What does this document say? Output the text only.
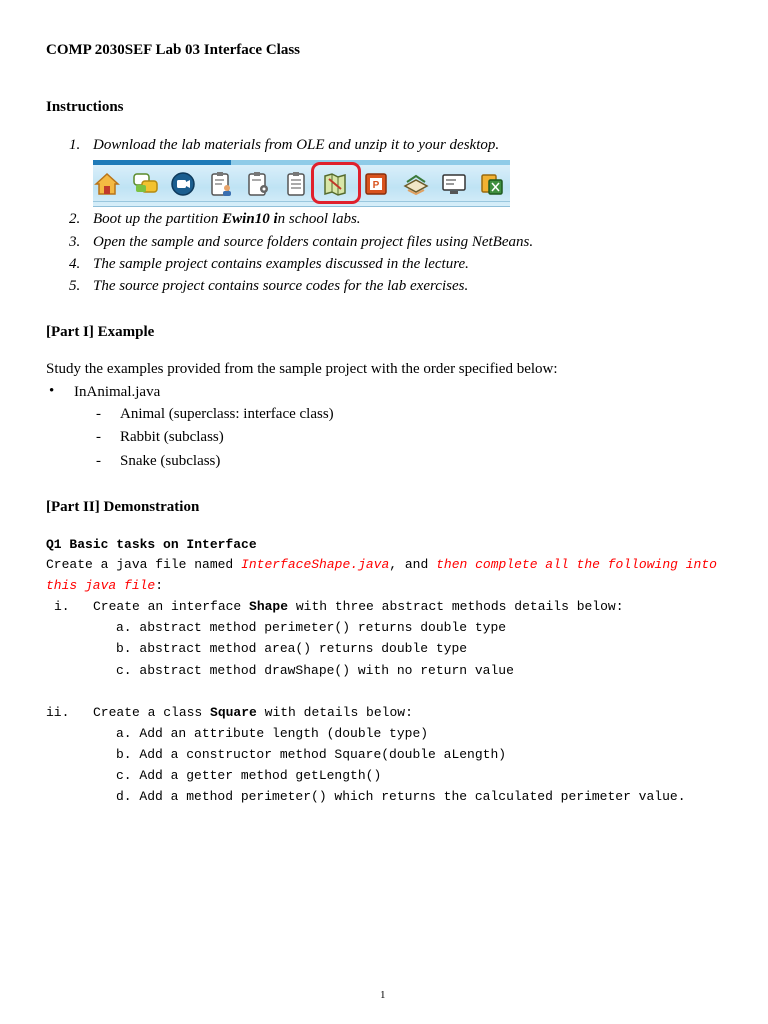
COMP 2030SEF Lab 03 Interface Class
Instructions
1. Download the lab materials from OLE and unzip it to your desktop.
P
2. Boot up the partition Ewin10 in school labs.
3. Open the sample and source folders contain project files using NetBeans.
4. The sample project contains examples discussed in the lecture.
5. The source project contains source codes for the lab exercises.
[Part I] Example
Study the examples provided from the sample project with the order specified below:
• InAnimal.java
- Animal (superclass: interface class)
- Rabbit (subclass)
- Snake (subclass)
[Part II] Demonstration
Q1 Basic tasks on Interface
Create a java file named InterfaceShape.java, and then complete all the following into
this java file:
i. Create an interface Shape with three abstract methods details below:
a. abstract method perimeter() returns double type
b. abstract method area() returns double type
c. abstract method drawShape() with no return value
ii. Create a class Square with details below:
a. Add an attribute length (double type)
b. Add a constructor method Square(double aLength)
c. Add a getter method getLength()
d. Add a method perimeter() which returns the calculated perimeter value.
1
